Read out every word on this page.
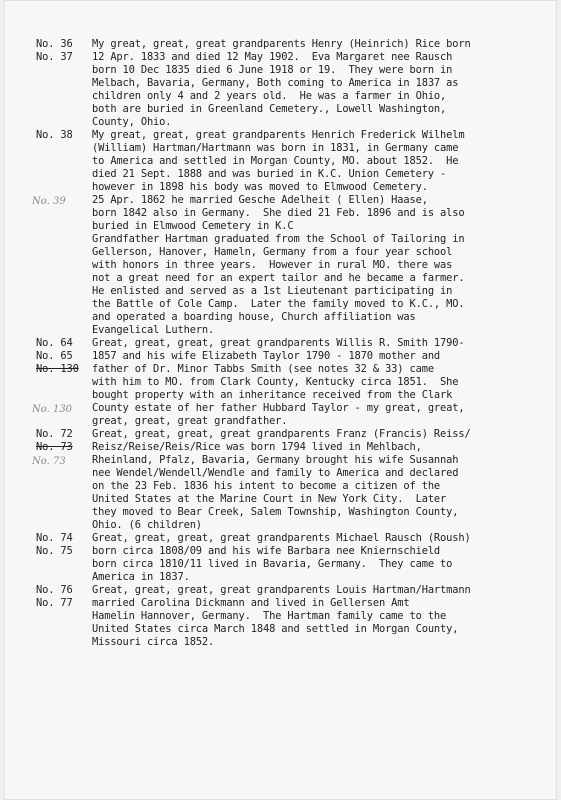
No. 36	My great, great, great grandparents Henry (Heinrich) Rice born
No. 37	12 Apr. 1833 and died 12 May 1902.  Eva Margaret nee Rausch
born 10 Dec 1835 died 6 June 1918 or 19.  They were born in
Melbach, Bavaria, Germany, Both coming to America in 1837 as
children only 4 and 2 years old.  He was a farmer in Ohio,
both are buried in Greenland Cemetery., Lowell Washington,
County, Ohio.
No. 38	My great, great, great grandparents Henrich Frederick Wilhelm
(William) Hartman/Hartmann was born in 1831, in Germany came
to America and settled in Morgan County, MO. about 1852.  He
died 21 Sept. 1888 and was buried in K.C. Union Cemetery -
however in 1898 his body was moved to Elmwood Cemetery.
No. 39	25 Apr. 1862 he married Gesche Adelheit ( Ellen) Haase,
born 1842 also in Germany.  She died 21 Feb. 1896 and is also
buried in Elmwood Cemetery in K.C
Grandfather Hartman graduated from the School of Tailoring in
Gellerson, Hanover, Hameln, Germany from a four year school
with honors in three years.  However in rural MO. there was
not a great need for an expert tailor and he became a farmer.
He enlisted and served as a 1st Lieutenant participating in
the Battle of Cole Camp.  Later the family moved to K.C., MO.
and operated a boarding house, Church affiliation was
Evangelical Luthern.
No. 64	Great, great, great, great grandparents Willis R. Smith 1790-
No. 65	1857 and his wife Elizabeth Taylor 1790 - 1870 mother and
No. 130	father of Dr. Minor Tabbs Smith (see notes 32 & 33) came
with him to MO. from Clark County, Kentucky circa 1851.  She
bought property with an inheritance received from the Clark
No. 130 County estate of her father Hubbard Taylor - my great, great,
great, great, great grandfather.
No. 72	Great, great, great, great grandparents Franz (Francis) Reiss/
No. 73	Reisz/Reise/Reis/Rice was born 1794 lived in Mehlbach,
No. 73	Rheinland, Pfalz, Bavaria, Germany brought his wife Susannah
nee Wendel/Wendell/Wendle and family to America and declared
on the 23 Feb. 1836 his intent to become a citizen of the
United States at the Marine Court in New York City.  Later
they moved to Bear Creek, Salem Township, Washington County,
Ohio. (6 children)
No. 74	Great, great, great, great grandparents Michael Rausch (Roush)
No. 75	born circa 1808/09 and his wife Barbara nee Kniernschield
born circa 1810/11 lived in Bavaria, Germany.  They came to
America in 1837.
No. 76	Great, great, great, great grandparents Louis Hartman/Hartmann
No. 77	married Carolina Dickmann and lived in Gellersen Amt
Hamelin Hannover, Germany.  The Hartman family came to the
United States circa March 1848 and settled in Morgan County,
Missouri circa 1852.
